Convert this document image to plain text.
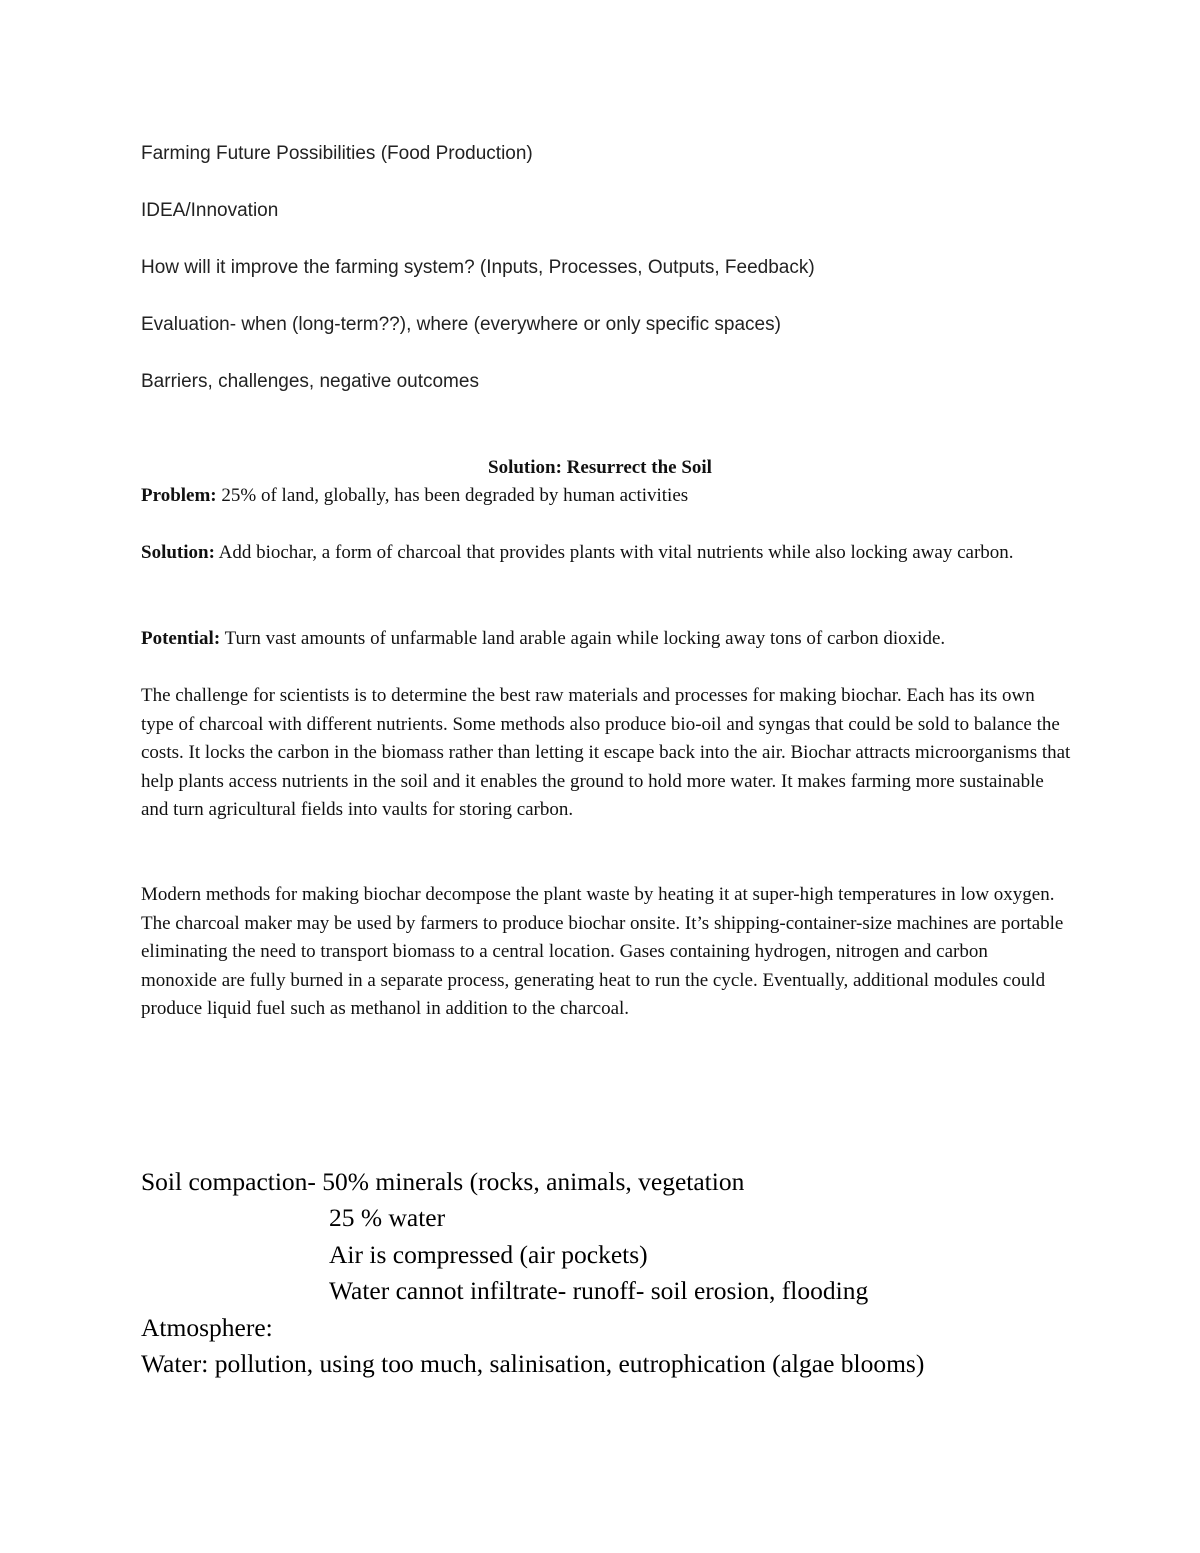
Farming Future Possibilities (Food Production)
IDEA/Innovation
How will it improve the farming system? (Inputs, Processes, Outputs, Feedback)
Evaluation- when (long-term??), where (everywhere or only specific spaces)
Barriers, challenges, negative outcomes
Solution: Resurrect the Soil
Problem: 25% of land, globally, has been degraded by human activities
Solution: Add biochar, a form of charcoal that provides plants with vital nutrients while also locking away carbon.
Potential: Turn vast amounts of unfarmable land arable again while locking away tons of carbon dioxide.
The challenge for scientists is to determine the best raw materials and processes for making biochar. Each has its own type of charcoal with different nutrients. Some methods also produce bio-oil and syngas that could be sold to balance the costs. It locks the carbon in the biomass rather than letting it escape back into the air. Biochar attracts microorganisms that help plants access nutrients in the soil and it enables the ground to hold more water. It makes farming more sustainable and turn agricultural fields into vaults for storing carbon.
Modern methods for making biochar decompose the plant waste by heating it at super-high temperatures in low oxygen. The charcoal maker may be used by farmers to produce biochar onsite. It’s shipping-container-size machines are portable eliminating the need to transport biomass to a central location. Gases containing hydrogen, nitrogen and carbon monoxide are fully burned in a separate process, generating heat to run the cycle. Eventually, additional modules could produce liquid fuel such as methanol in addition to the charcoal.
Soil compaction- 50% minerals (rocks, animals, vegetation
25 % water
Air is compressed (air pockets)
Water cannot infiltrate- runoff- soil erosion, flooding
Atmosphere:
Water: pollution, using too much, salinisation, eutrophication (algae blooms)
